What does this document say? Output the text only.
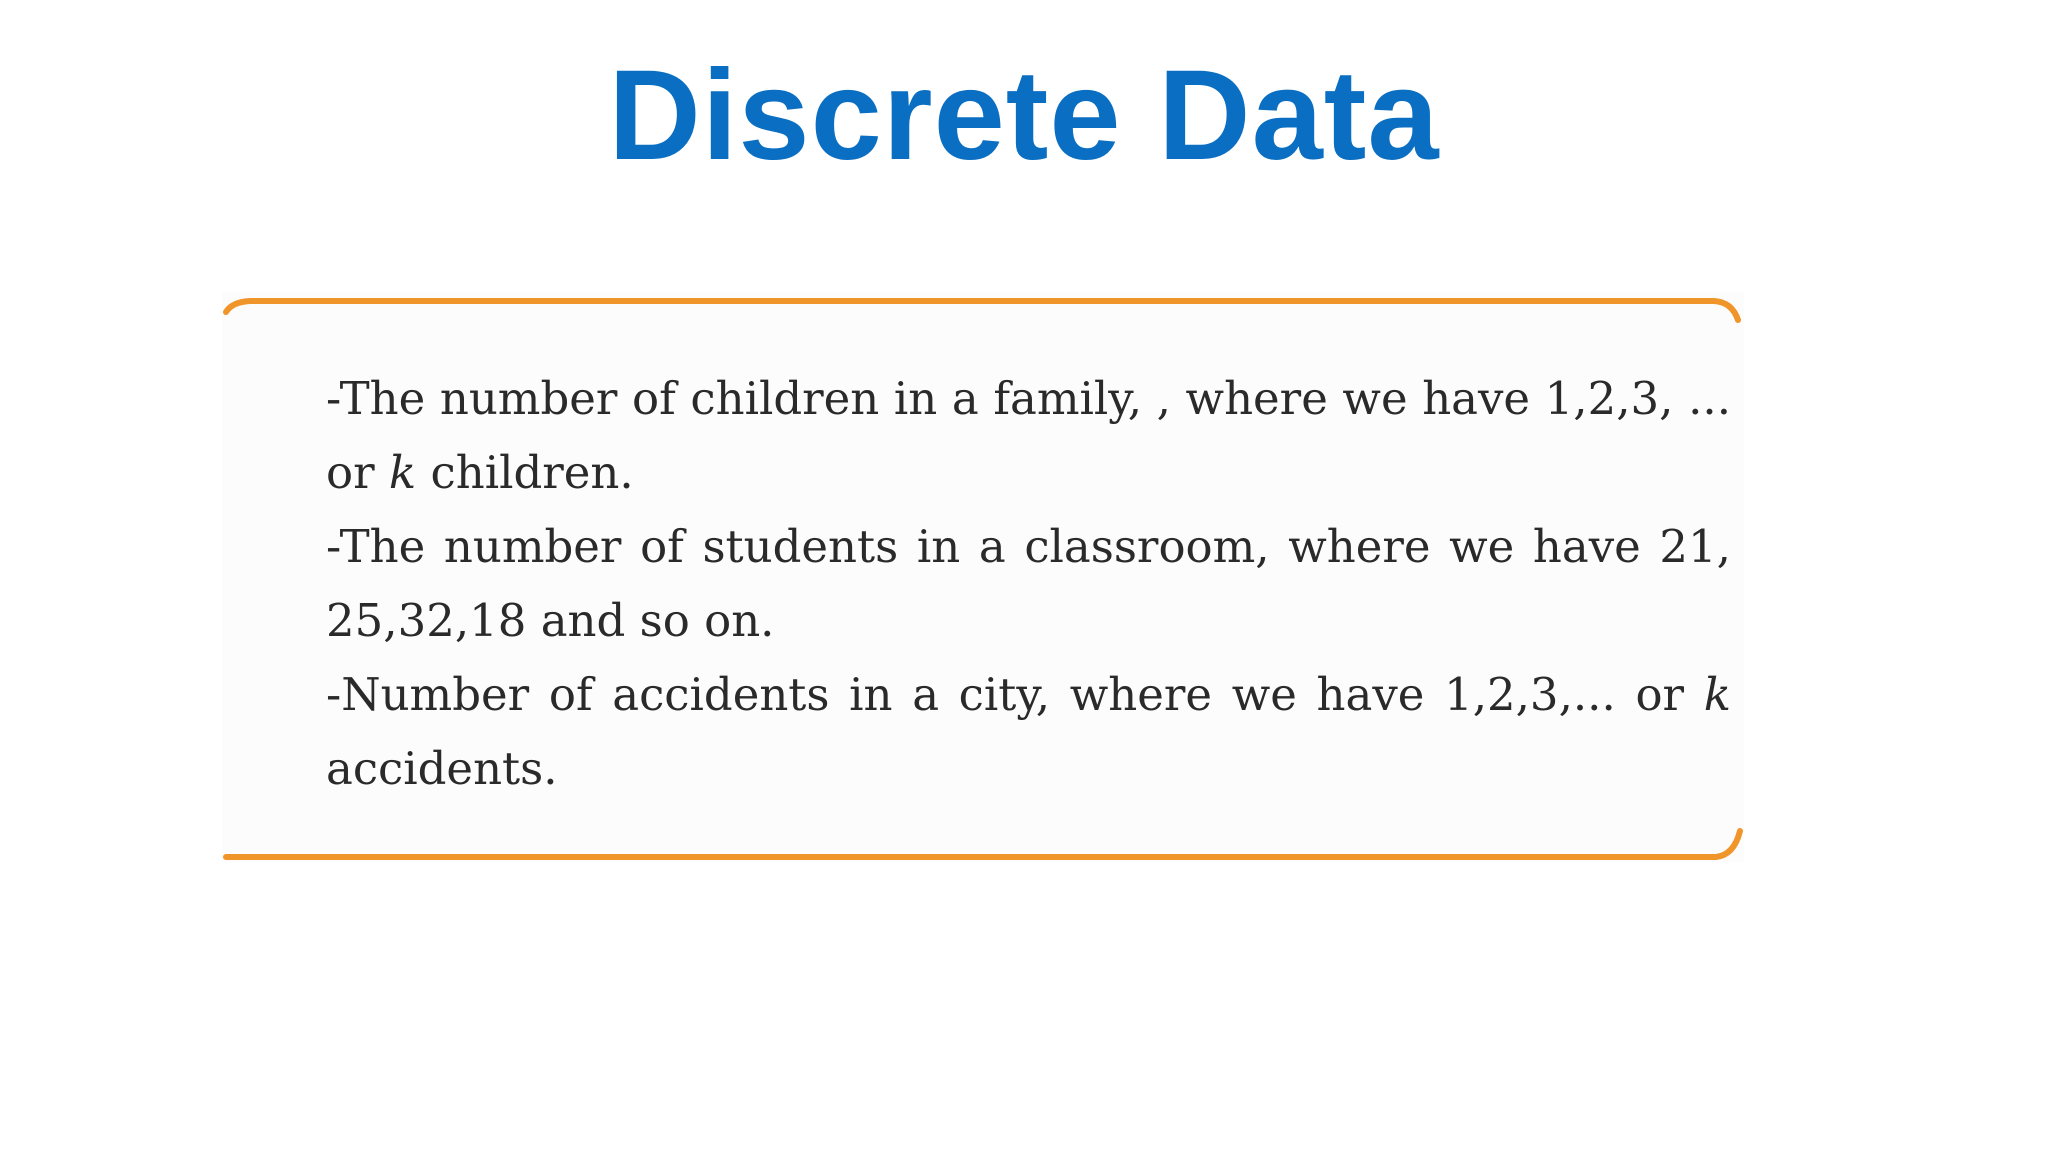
Discrete Data

-The number of children in a family, , where we have 1,2,3, ... or k children.

-The number of students in a classroom, where we have 21, 25,32,18 and so on.

-Number of accidents in a city, where we have 1,2,3,... or k accidents.
